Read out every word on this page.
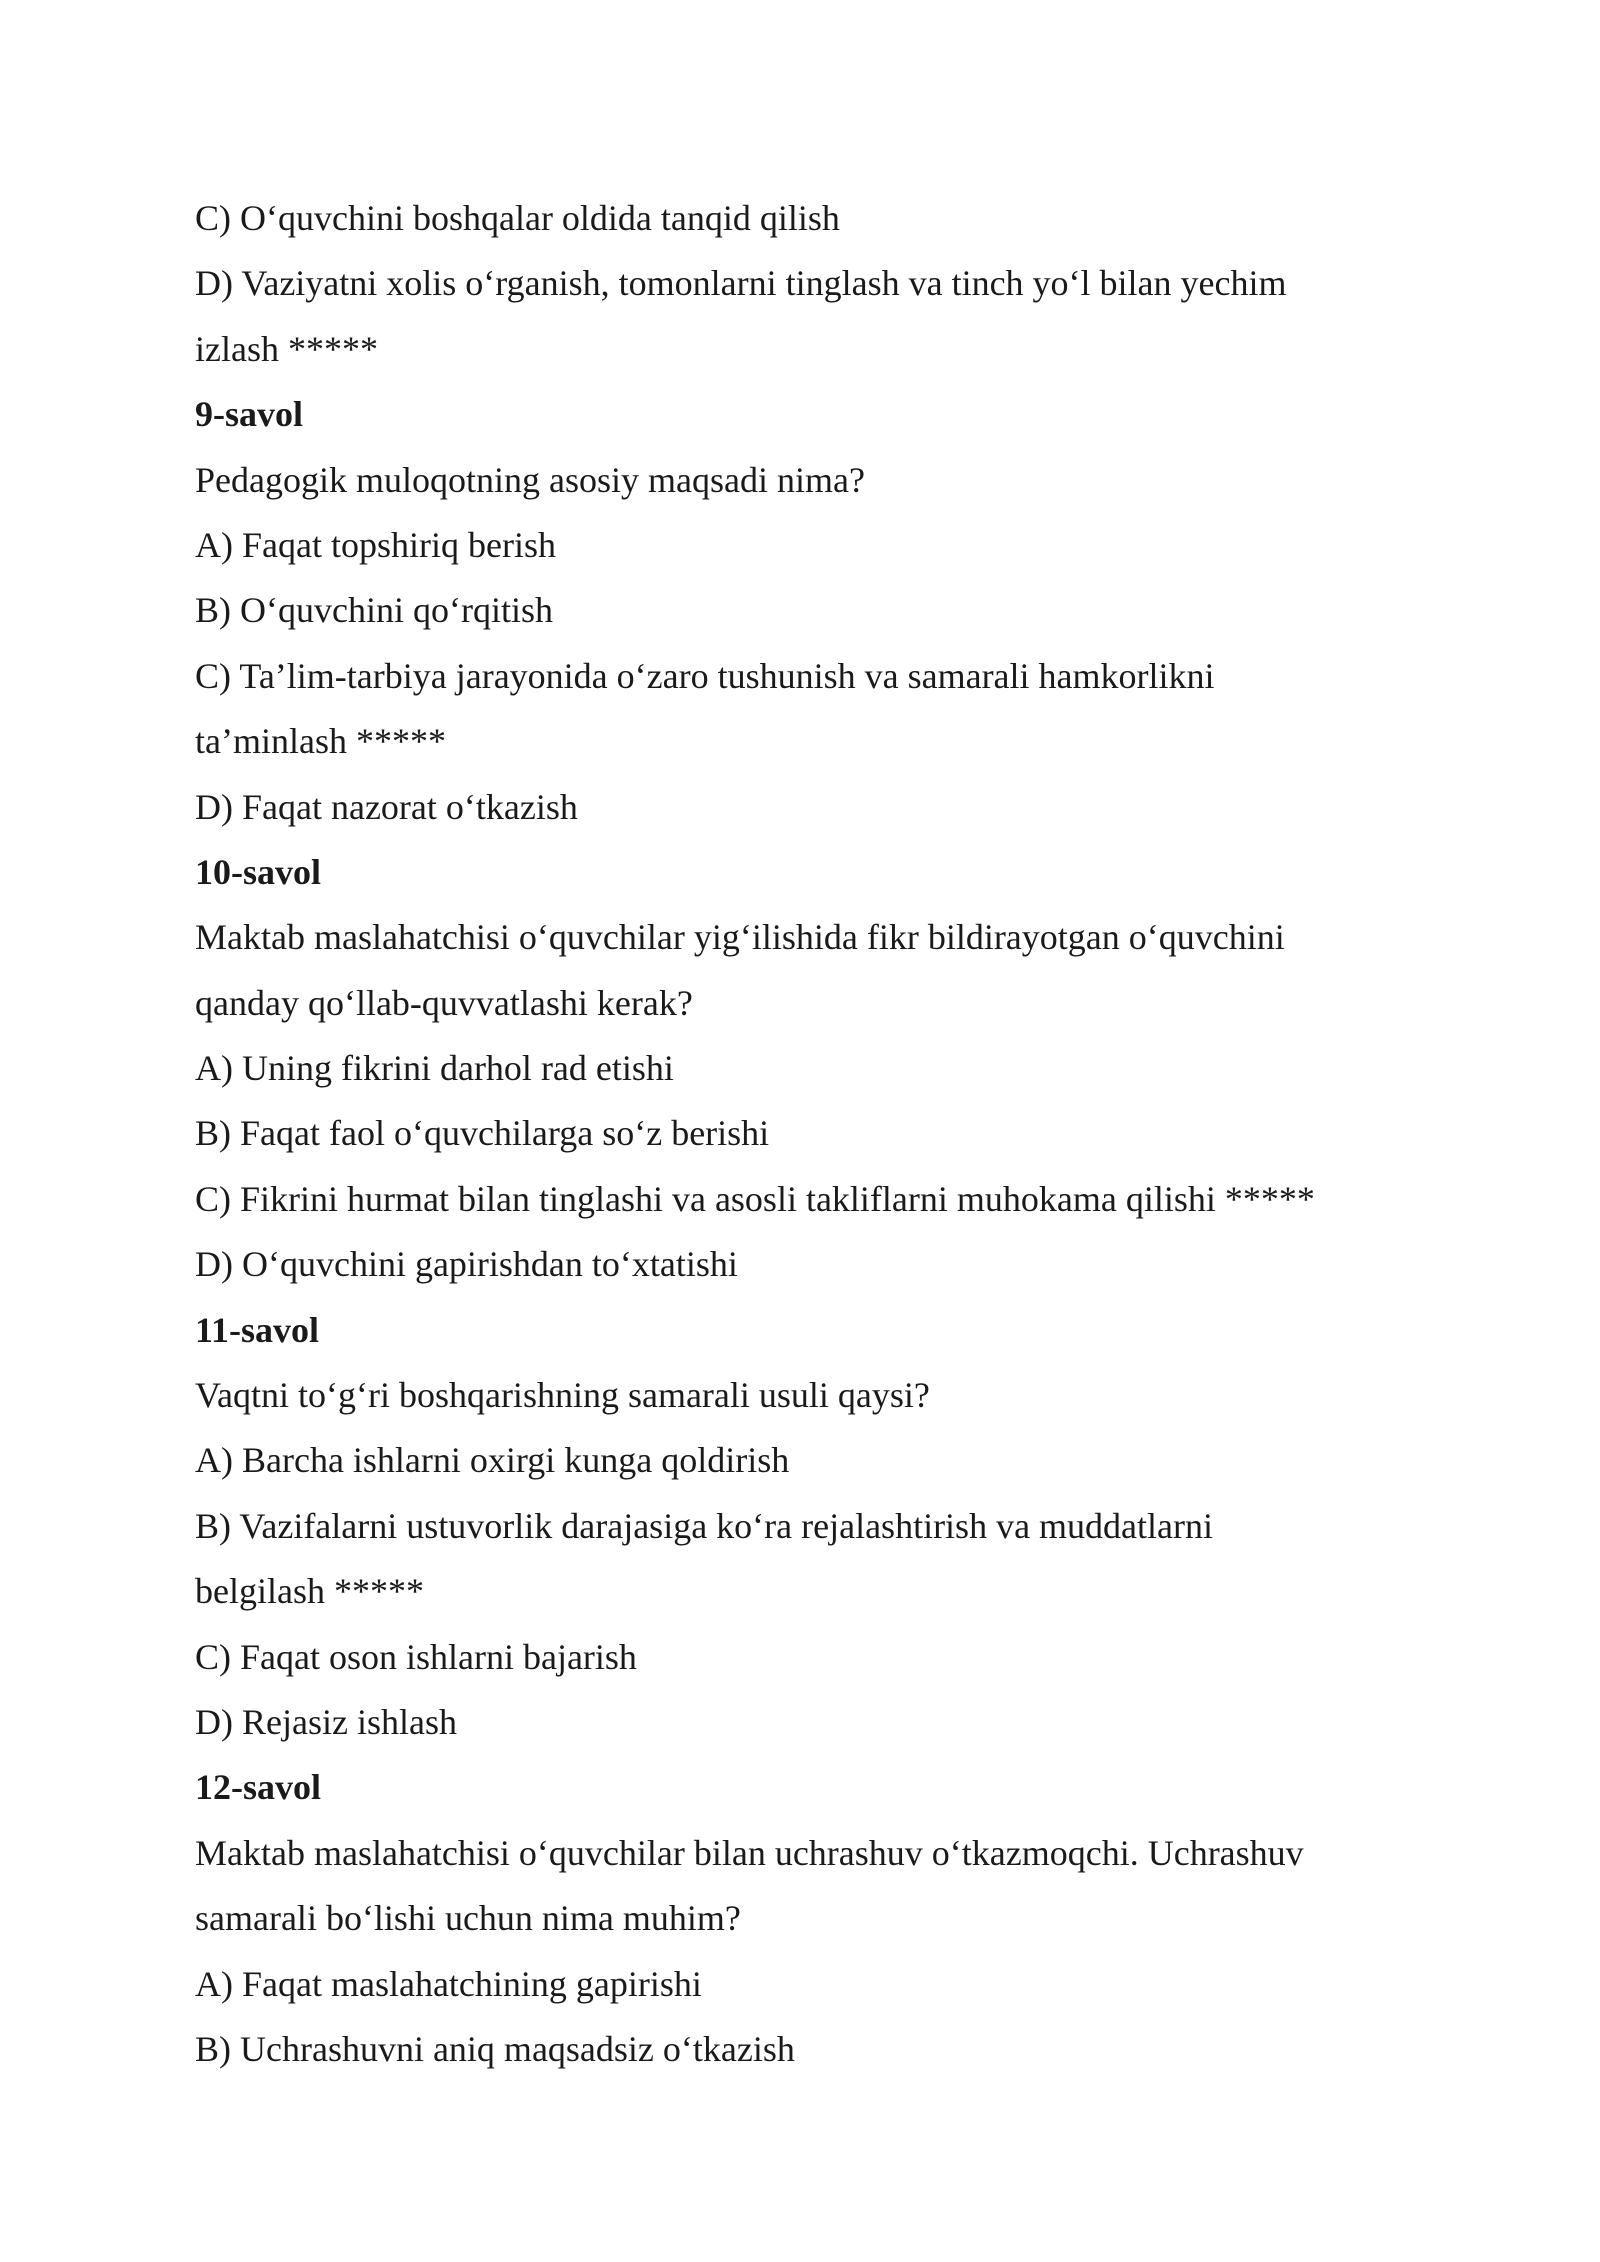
C) O‘quvchini boshqalar oldida tanqid qilish
D) Vaziyatni xolis o‘rganish, tomonlarni tinglash va tinch yo‘l bilan yechim
izlash *****
9-savol
Pedagogik muloqotning asosiy maqsadi nima?
A) Faqat topshiriq berish
B) O‘quvchini qo‘rqitish
C) Ta’lim-tarbiya jarayonida o‘zaro tushunish va samarali hamkorlikni
ta’minlash *****
D) Faqat nazorat o‘tkazish
10-savol
Maktab maslahatchisi o‘quvchilar yig‘ilishida fikr bildirayotgan o‘quvchini
qanday qo‘llab-quvvatlashi kerak?
A) Uning fikrini darhol rad etishi
B) Faqat faol o‘quvchilarga so‘z berishi
C) Fikrini hurmat bilan tinglashi va asosli takliflarni muhokama qilishi *****
D) O‘quvchini gapirishdan to‘xtatishi
11-savol
Vaqtni to‘g‘ri boshqarishning samarali usuli qaysi?
A) Barcha ishlarni oxirgi kunga qoldirish
B) Vazifalarni ustuvorlik darajasiga ko‘ra rejalashtirish va muddatlarni
belgilash *****
C) Faqat oson ishlarni bajarish
D) Rejasiz ishlash
12-savol
Maktab maslahatchisi o‘quvchilar bilan uchrashuv o‘tkazmoqchi. Uchrashuv
samarali bo‘lishi uchun nima muhim?
A) Faqat maslahatchining gapirishi
B) Uchrashuvni aniq maqsadsiz o‘tkazish
